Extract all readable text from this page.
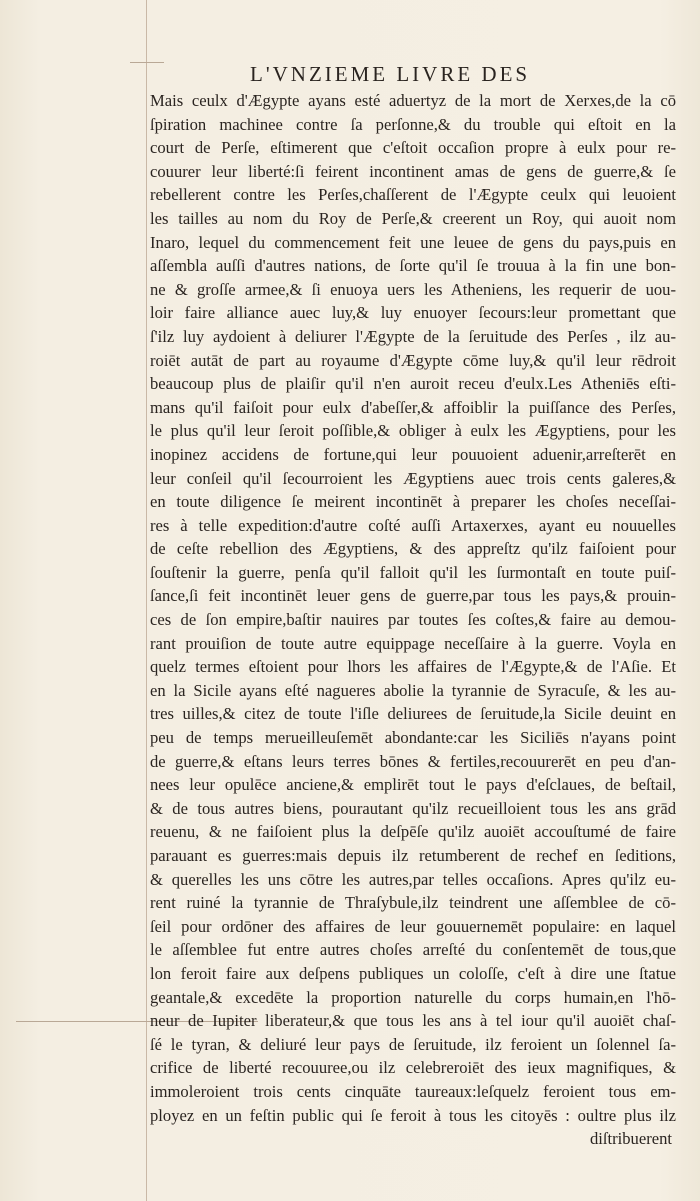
L'VNZIEME LIVRE DES
Mais ceulx d'Ægypte ayans esté aduertyz de la mort de Xerxes,de la cō
ſpiration machinee contre ſa perſonne,& du trouble qui eſtoit en la
court de Perſe, eſtimerent que c'eſtoit occaſion propre à eulx pour re-
couurer leur liberté:ſi feirent incontinent amas de gens de guerre,& ſe
rebellerent contre les Perſes,chaſſerent de l'Ægypte ceulx qui leuoient
les tailles au nom du Roy de Perſe,& creerent un Roy, qui auoit nom
Inaro, lequel du commencement feit une leuee de gens du pays,puis en
aſſembla auſſi d'autres nations, de ſorte qu'il ſe trouua à la fin une bon-
ne & groſſe armee,& ſi enuoya uers les Atheniens, les requerir de uou-
loir faire alliance auec luy,& luy enuoyer ſecours:leur promettant que
ſ'ilz luy aydoient à deliurer l'Ægypte de la ſeruitude des Perſes , ilz au-
roiēt autāt de part au royaume d'Ægypte cōme luy,& qu'il leur rēdroit
beaucoup plus de plaiſir qu'il n'en auroit receu d'eulx.Les Atheniēs eſti-
mans qu'il faiſoit pour eulx d'abeſſer,& affoiblir la puiſſance des Perſes,
le plus qu'il leur ſeroit poſſible,& obliger à eulx les Ægyptiens, pour les
inopinez accidens de fortune,qui leur pouuoient aduenir,arreſterēt en
leur conſeil qu'il ſecourroient les Ægyptiens auec trois cents galeres,&
en toute diligence ſe meirent incontinēt à preparer les choſes neceſſai-
res à telle expedition:d'autre coſté auſſi Artaxerxes, ayant eu nouuelles
de ceſte rebellion des Ægyptiens, & des appreſtz qu'ilz faiſoient pour
ſouſtenir la guerre, penſa qu'il falloit qu'il les ſurmontaſt en toute puiſ-
ſance,ſi feit incontinēt leuer gens de guerre,par tous les pays,& prouin-
ces de ſon empire,baſtir nauires par toutes ſes coſtes,& faire au demou-
rant prouiſion de toute autre equippage neceſſaire à la guerre. Voyla en
quelz termes eſtoient pour lhors les affaires de l'Ægypte,& de l'Aſie. Et
en la Sicile ayans eſté nagueres abolie la tyrannie de Syracuſe, & les au-
tres uilles,& citez de toute l'iſle deliurees de ſeruitude,la Sicile deuint en
peu de temps merueilleuſemēt abondante:car les Siciliēs n'ayans point
de guerre,& eſtans leurs terres bōnes & fertiles,recouurerēt en peu d'an-
nees leur opulēce anciene,& emplirēt tout le pays d'eſclaues, de beſtail,
& de tous autres biens, pourautant qu'ilz recueilloient tous les ans grād
reuenu, & ne faiſoient plus la deſpēſe qu'ilz auoiēt accouſtumé de faire
parauant es guerres:mais depuis ilz retumberent de rechef en ſeditions,
& querelles les uns cōtre les autres,par telles occaſions. Apres qu'ilz eu-
rent ruiné la tyrannie de Thraſybule,ilz teindrent une aſſemblee de cō-
ſeil pour ordōner des affaires de leur gouuernemēt populaire: en laquel
le aſſemblee fut entre autres choſes arreſté du conſentemēt de tous,que
lon feroit faire aux deſpens publiques un coloſſe, c'eſt à dire une ſtatue
geantale,& excedēte la proportion naturelle du corps humain,en l'hō-
neur de Iupiter liberateur,& que tous les ans à tel iour qu'il auoiēt chaſ-
ſé le tyran, & deliuré leur pays de ſeruitude, ilz feroient un ſolennel ſa-
crifice de liberté recouuree,ou ilz celebreroiēt des ieux magnifiques, &
immoleroient trois cents cinquāte taureaux:leſquelz feroient tous em-
ployez en un feſtin public qui ſe feroit à tous les citoyēs : oultre plus ilz
diſtribuerent
